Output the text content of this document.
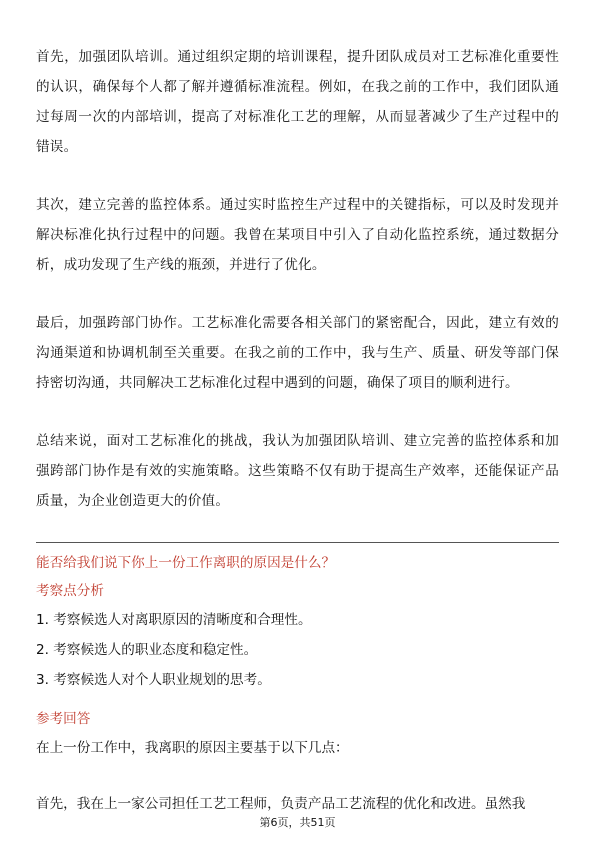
首先，加强团队培训。通过组织定期的培训课程，提升团队成员对工艺标准化重要性的认识，确保每个人都了解并遵循标准流程。例如，在我之前的工作中，我们团队通过每周一次的内部培训，提高了对标准化工艺的理解，从而显著减少了生产过程中的错误。

其次，建立完善的监控体系。通过实时监控生产过程中的关键指标，可以及时发现并解决标准化执行过程中的问题。我曾在某项目中引入了自动化监控系统，通过数据分析，成功发现了生产线的瓶颈，并进行了优化。

最后，加强跨部门协作。工艺标准化需要各相关部门的紧密配合，因此，建立有效的沟通渠道和协调机制至关重要。在我之前的工作中，我与生产、质量、研发等部门保持密切沟通，共同解决工艺标准化过程中遇到的问题，确保了项目的顺利进行。

总结来说，面对工艺标准化的挑战，我认为加强团队培训、建立完善的监控体系和加强跨部门协作是有效的实施策略。这些策略不仅有助于提高生产效率，还能保证产品质量，为企业创造更大的价值。

能否给我们说下你上一份工作离职的原因是什么？

考察点分析

1. 考察候选人对离职原因的清晰度和合理性。

2. 考察候选人的职业态度和稳定性。

3. 考察候选人对个人职业规划的思考。

参考回答

在上一份工作中，我离职的原因主要基于以下几点：

首先，我在上一家公司担任工艺工程师，负责产品工艺流程的优化和改进。虽然我

第6页，共51页
